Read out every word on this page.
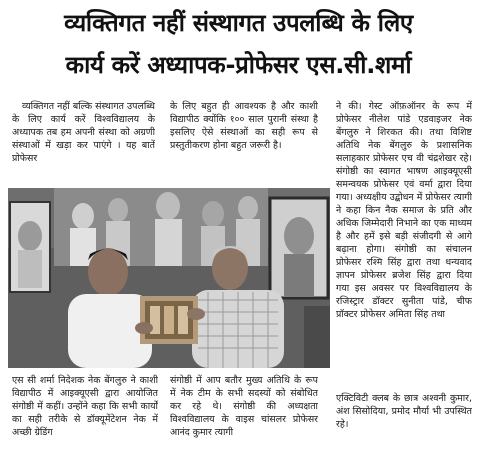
व्यक्तिगत नहीं संस्थागत उपलब्धि के लिए
कार्य करें अध्यापक-प्रोफेसर एस.सी.शर्मा

व्यक्तिगत नहीं बल्कि संस्थागत उपलब्धि के लिए कार्य करें विश्वविद्यालय के अध्यापक तब हम अपनी संस्था को अग्रणी संस्थाओं में खड़ा कर पाएंगे । यह बातें प्रोफेसर

के लिए बहुत ही आवश्यक है और काशी विद्यापीठ क्योंकि १०० साल पुरानी संस्था है इसलिए ऐसे संस्थाओं का सही रूप से प्रस्तुतीकरण होना बहुत जरूरी है।

ने की। गेस्ट ऑफ़ऑनर के रूप में प्रोफेसर नीलेश पांडे एडवाइजर नेक बेंगलुरु ने शिरकत की। तथा विशिष्ट अतिथि नेक बेंगलुरु के प्रशासनिक सलाहकार प्रोफेसर एच वी चंद्रशेखर रहे। संगोष्ठी का स्वागत भाषण आइक्यूएसी समन्वयक प्रोफेसर एवं वर्मा द्वारा दिया गया। अध्यक्षीय उद्बोधन में प्रोफेसर त्यागी ने कहा किन नैक समाज के प्रति और अधिक जिम्मेदारी निभाने का एक माध्यम है और हमें इसे बड़ी संजीदगी से आगे बढ़ाना होगा। संगोष्ठी का संचालन प्रोफेसर रश्मि सिंह द्वारा तथा धन्यवाद ज्ञापन प्रोफेसर ब्रजेश सिंह द्वारा दिया गया इस अवसर पर विश्वविद्यालय के रजिस्ट्रार डॉक्टर सुनीता पांडे, चीफ प्रॉक्टर प्रोफेसर अमिता सिंह तथा

एस सी शर्मा निदेशक नेक बेंगलुरु ने काशी विद्यापीठ में आइक्यूएसी द्वारा आयोजित संगोष्ठी में कहीं। उन्होंने कहा कि सभी कार्यों का सही तरीके से डॉक्यूमेंटेशन नेक में अच्छी ग्रेडिंग

संगोष्ठी में आप बतौर मुख्य अतिथि के रूप में नेक टीम के सभी सदस्यों को संबोधित कर रहे थे। संगोष्ठी की अध्यक्षता विश्वविद्यालय के वाइस चांसलर प्रोफेसर आनंद कुमार त्यागी

एक्टिविटी क्लब के छात्र अश्वनी कुमार, अंश सिसोदिया, प्रमोद मौर्या भी उपस्थित रहे।
